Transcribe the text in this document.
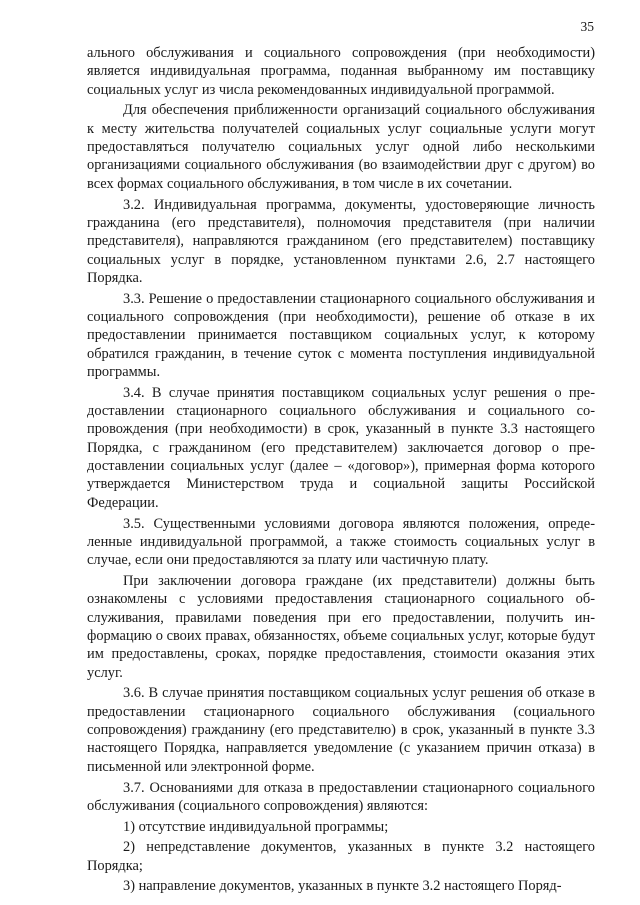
35

ального обслуживания и социального сопровождения (при необходимости) является индивидуальная программа, поданная выбранному им поставщику социальных услуг из числа рекомендованных индивидуальной программой.

Для обеспечения приближенности организаций социального обслуживания к месту жительства получателей социальных услуг социальные услуги могут предоставляться получателю социальных услуг одной либо несколькими организациями социального обслуживания (во взаимодействии друг с другом) во всех формах социального обслуживания, в том числе в их сочетании.

3.2. Индивидуальная программа, документы, удостоверяющие личность гражданина (его представителя), полномочия представителя (при наличии представителя), направляются гражданином (его представителем) поставщику социальных услуг в порядке, установленном пунктами 2.6, 2.7 настоящего Порядка.

3.3. Решение о предоставлении стационарного социального обслуживания и социального сопровождения (при необходимости), решение об отказе в их предоставлении принимается поставщиком социальных услуг, к которому обратился гражданин, в течение суток с момента поступления индивидуальной программы.

3.4. В случае принятия поставщиком социальных услуг решения о предоставлении стационарного социального обслуживания и социального сопровождения (при необходимости) в срок, указанный в пункте 3.3 настоящего Порядка, с гражданином (его представителем) заключается договор о предоставлении социальных услуг (далее – «договор»), примерная форма которого утверждается Министерством труда и социальной защиты Российской Федерации.

3.5. Существенными условиями договора являются положения, определенные индивидуальной программой, а также стоимость социальных услуг в случае, если они предоставляются за плату или частичную плату.

При заключении договора граждане (их представители) должны быть ознакомлены с условиями предоставления стационарного социального обслуживания, правилами поведения при его предоставлении, получить информацию о своих правах, обязанностях, объеме социальных услуг, которые будут им предоставлены, сроках, порядке предоставления, стоимости оказания этих услуг.

3.6. В случае принятия поставщиком социальных услуг решения об отказе в предоставлении стационарного социального обслуживания (социального сопровождения) гражданину (его представителю) в срок, указанный в пункте 3.3 настоящего Порядка, направляется уведомление (с указанием причин отказа) в письменной или электронной форме.

3.7. Основаниями для отказа в предоставлении стационарного социального обслуживания (социального сопровождения) являются:

1) отсутствие индивидуальной программы;

2) непредставление документов, указанных в пункте 3.2 настоящего Порядка;

3) направление документов, указанных в пункте 3.2 настоящего Поряд-
